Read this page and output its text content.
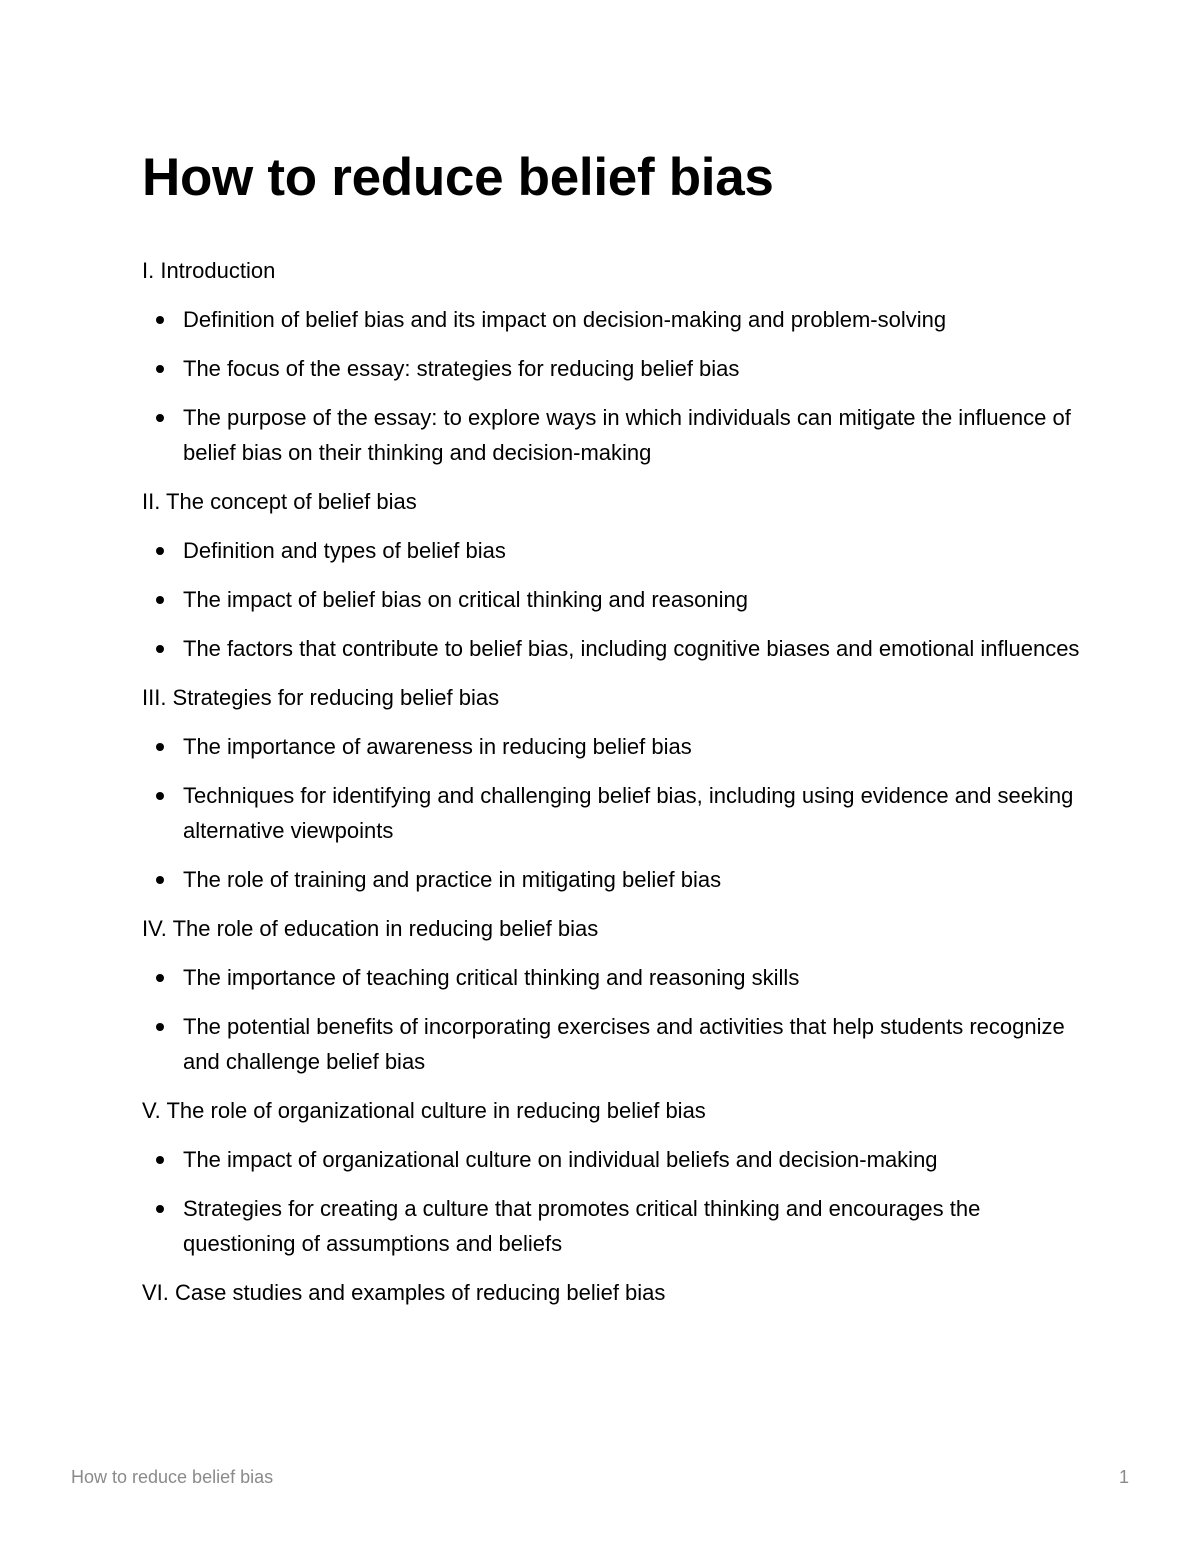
How to reduce belief bias

I. Introduction

Definition of belief bias and its impact on decision-making and problem-solving
The focus of the essay: strategies for reducing belief bias
The purpose of the essay: to explore ways in which individuals can mitigate the influence of belief bias on their thinking and decision-making

II. The concept of belief bias

Definition and types of belief bias
The impact of belief bias on critical thinking and reasoning
The factors that contribute to belief bias, including cognitive biases and emotional influences

III. Strategies for reducing belief bias

The importance of awareness in reducing belief bias
Techniques for identifying and challenging belief bias, including using evidence and seeking alternative viewpoints
The role of training and practice in mitigating belief bias

IV. The role of education in reducing belief bias

The importance of teaching critical thinking and reasoning skills
The potential benefits of incorporating exercises and activities that help students recognize and challenge belief bias

V. The role of organizational culture in reducing belief bias

The impact of organizational culture on individual beliefs and decision-making
Strategies for creating a culture that promotes critical thinking and encourages the questioning of assumptions and beliefs

VI. Case studies and examples of reducing belief bias

How to reduce belief bias	1
